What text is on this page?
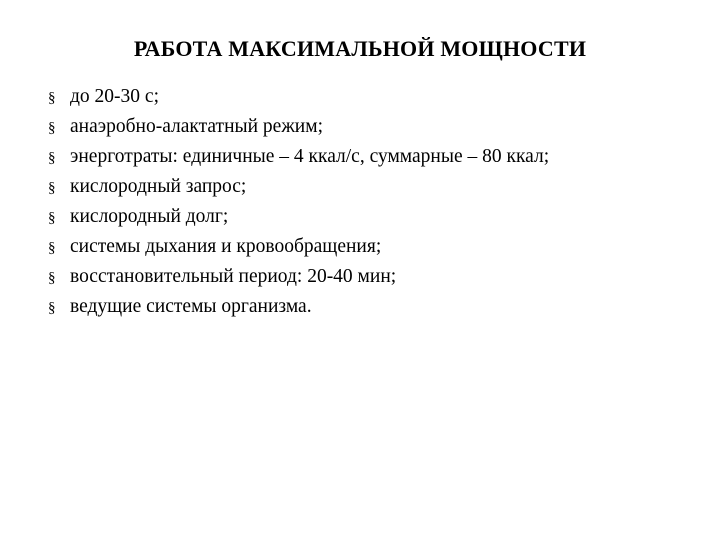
РАБОТА МАКСИМАЛЬНОЙ МОЩНОСТИ
§ до 20-30 с;
§ анаэробно-алактатный режим;
§ энерготраты: единичные – 4 ккал/с, суммарные – 80 ккал;
§ кислородный запрос;
§ кислородный долг;
§ системы дыхания и кровообращения;
§ восстановительный период: 20-40 мин;
§ ведущие системы организма.
